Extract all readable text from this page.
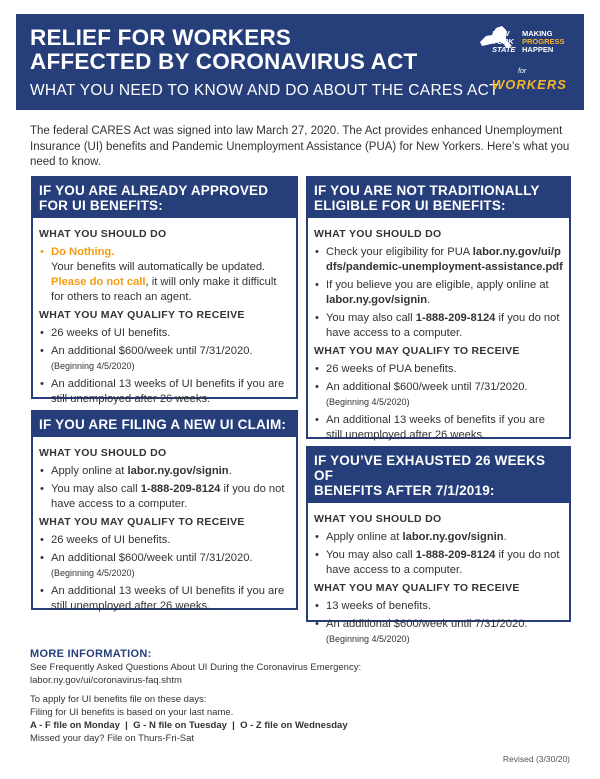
RELIEF FOR WORKERS
AFFECTED BY CORONAVIRUS ACT
WHAT YOU NEED TO KNOW AND DO ABOUT THE CARES ACT
NEW
YORK
STATE
MAKING
PROGRESS
HAPPEN
for
WORKERS

The federal CARES Act was signed into law March 27, 2020. The Act provides enhanced Unemployment Insurance (UI) benefits and Pandemic Unemployment Assistance (PUA) for New Yorkers. Here’s what you need to know.

IF YOU ARE ALREADY APPROVED
FOR UI BENEFITS:
WHAT YOU SHOULD DO
• Do Nothing.
Your benefits will automatically be updated.
Please do not call, it will only make it difficult for others to reach an agent.
WHAT YOU MAY QUALIFY TO RECEIVE
• 26 weeks of UI benefits.
• An additional $600/week until 7/31/2020.
(Beginning 4/5/2020)
• An additional 13 weeks of UI benefits if you are still unemployed after 26 weeks.
IF YOU ARE FILING A NEW UI CLAIM:
WHAT YOU SHOULD DO
• Apply online at labor.ny.gov/signin.
• You may also call 1-888-209-8124 if you do not have access to a computer.
WHAT YOU MAY QUALIFY TO RECEIVE
• 26 weeks of UI benefits.
• An additional $600/week until 7/31/2020.
(Beginning 4/5/2020)
• An additional 13 weeks of UI benefits if you are still unemployed after 26 weeks.
IF YOU ARE NOT TRADITIONALLY
ELIGIBLE FOR UI BENEFITS:
WHAT YOU SHOULD DO
• Check your eligibility for PUA labor.ny.gov/ui/pdfs/pandemic-unemployment-assistance.pdf
• If you believe you are eligible, apply online at labor.ny.gov/signin.
• You may also call 1-888-209-8124 if you do not have access to a computer.
WHAT YOU MAY QUALIFY TO RECEIVE
• 26 weeks of PUA benefits.
• An additional $600/week until 7/31/2020.
(Beginning 4/5/2020)
• An additional 13 weeks of benefits if you are still unemployed after 26 weeks.
IF YOU’VE EXHAUSTED 26 WEEKS OF
BENEFITS AFTER 7/1/2019:
WHAT YOU SHOULD DO
• Apply online at labor.ny.gov/signin.
• You may also call 1-888-209-8124 if you do not have access to a computer.
WHAT YOU MAY QUALIFY TO RECEIVE
• 13 weeks of benefits.
• An additional $600/week until 7/31/2020.
(Beginning 4/5/2020)
MORE INFORMATION:
See Frequently Asked Questions About UI During the Coronavirus Emergency:
labor.ny.gov/ui/coronavirus-faq.shtm
To apply for UI benefits file on these days:
Filing for UI benefits is based on your last name.
A - F file on Monday  |  G - N file on Tuesday  |  O - Z file on Wednesday
Missed your day? File on Thurs-Fri-Sat
Revised (3/30/20)
